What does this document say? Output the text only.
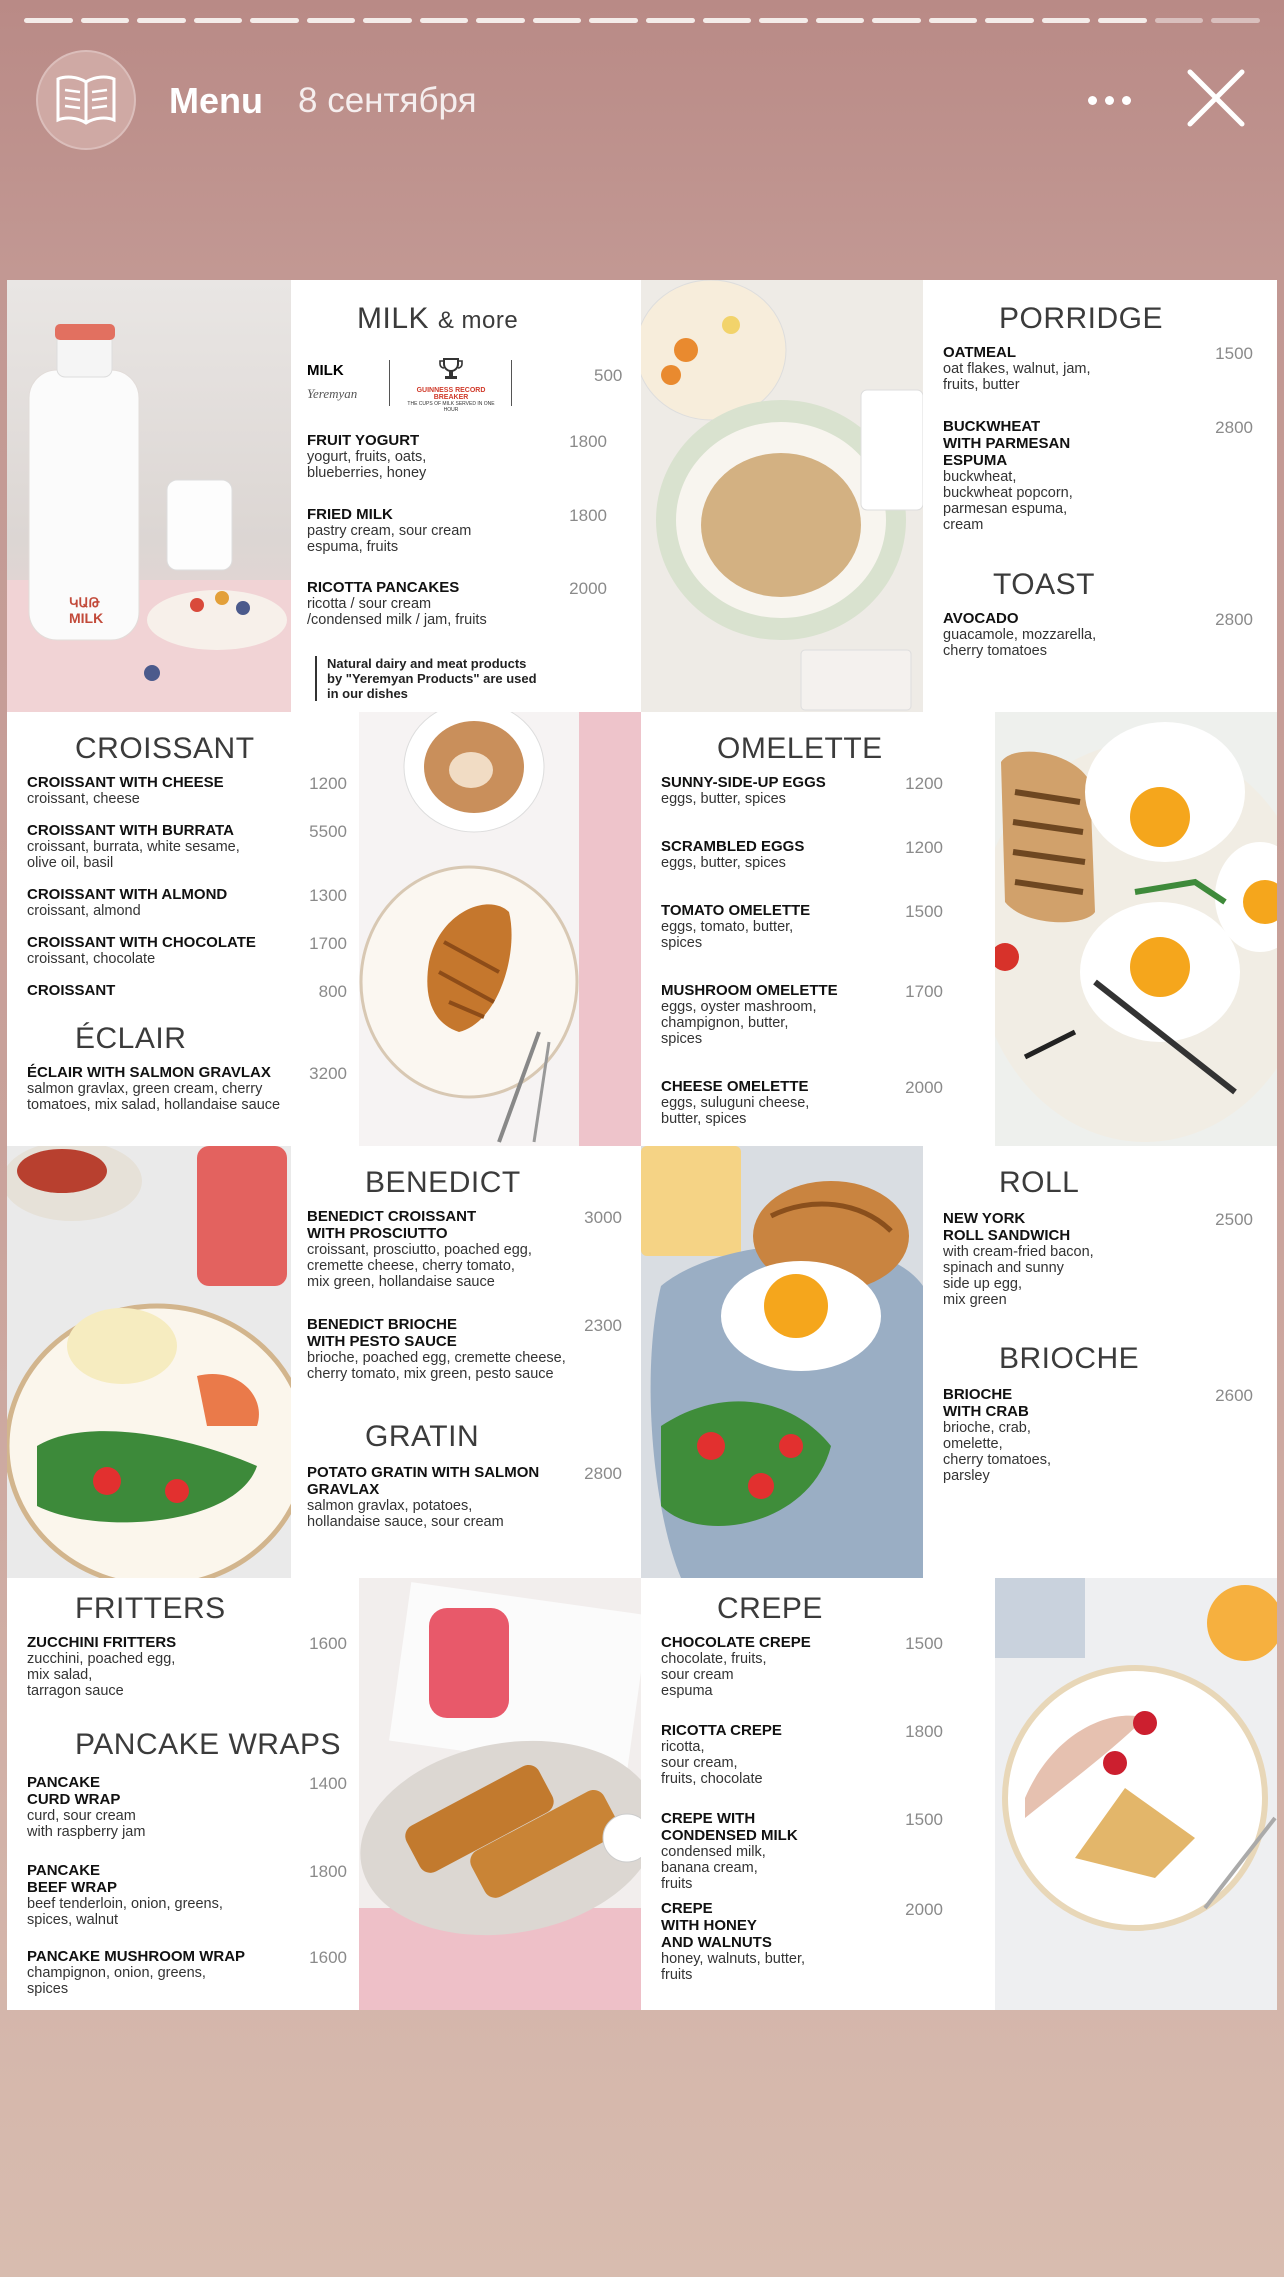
Menu 8 сентября
ԿԱԹ
MILK
MILK & more
MILK
Yeremyan	GUINNESS RECORD BREAKER
THE CUPS OF MILK SERVED IN ONE HOUR
500
FRUIT YOGURT
yogurt, fruits, oats,
blueberries, honey
1800
FRIED MILK
pastry cream, sour cream
espuma, fruits
1800
RICOTTA PANCAKES
ricotta / sour cream
/condensed milk / jam, fruits
2000
Natural dairy and meat products
by "Yeremyan Products" are used
in our dishes
PORRIDGE
OATMEAL
oat flakes, walnut, jam,
fruits, butter
1500
BUCKWHEAT
WITH PARMESAN
ESPUMA
buckwheat,
buckwheat popcorn,
parmesan espuma,
cream
2800
TOAST
AVOCADO
guacamole, mozzarella,
cherry tomatoes
2800
CROISSANT
CROISSANT WITH CHEESE
croissant, cheese
1200
CROISSANT WITH BURRATA
croissant, burrata, white sesame,
olive oil, basil
5500
CROISSANT WITH ALMOND
croissant, almond
1300
CROISSANT WITH CHOCOLATE
croissant, chocolate
1700
CROISSANT	800
ÉCLAIR
ÉCLAIR WITH SALMON GRAVLAX
salmon gravlax, green cream, cherry
tomatoes, mix salad, hollandaise sauce
3200
OMELETTE
SUNNY-SIDE-UP EGGS
eggs, butter, spices
1200
SCRAMBLED EGGS
eggs, butter, spices
1200
TOMATO OMELETTE
eggs, tomato, butter,
spices
1500
MUSHROOM OMELETTE
eggs, oyster mashroom,
champignon, butter,
spices
1700
CHEESE OMELETTE
eggs, suluguni cheese,
butter, spices
2000
BENEDICT
BENEDICT CROISSANT
WITH PROSCIUTTO
croissant, prosciutto, poached egg,
cremette cheese, cherry tomato,
mix green, hollandaise sauce
3000
BENEDICT BRIOCHE
WITH PESTO SAUCE
brioche, poached egg, cremette cheese,
cherry tomato, mix green, pesto sauce
2300
GRATIN
POTATO GRATIN WITH SALMON
GRAVLAX
salmon gravlax, potatoes,
hollandaise sauce, sour cream
2800
ROLL
NEW YORK
ROLL SANDWICH
with cream-fried bacon,
spinach and sunny
side up egg,
mix green
2500
BRIOCHE
BRIOCHE
WITH CRAB
brioche, crab,
omelette,
cherry tomatoes,
parsley
2600
FRITTERS
ZUCCHINI FRITTERS
zucchini, poached egg,
mix salad,
tarragon sauce
1600
PANCAKE WRAPS
PANCAKE
CURD WRAP
curd, sour cream
with raspberry jam
1400
PANCAKE
BEEF WRAP
beef tenderloin, onion, greens,
spices, walnut
1800
PANCAKE MUSHROOM WRAP
champignon, onion, greens,
spices
1600
CREPE
CHOCOLATE CREPE
chocolate, fruits,
sour cream
espuma
1500
RICOTTA CREPE
ricotta,
sour cream,
fruits, chocolate
1800
CREPE WITH
CONDENSED MILK
condensed milk,
banana cream,
fruits
1500
CREPE
WITH HONEY
AND WALNUTS
honey, walnuts, butter,
fruits
2000
